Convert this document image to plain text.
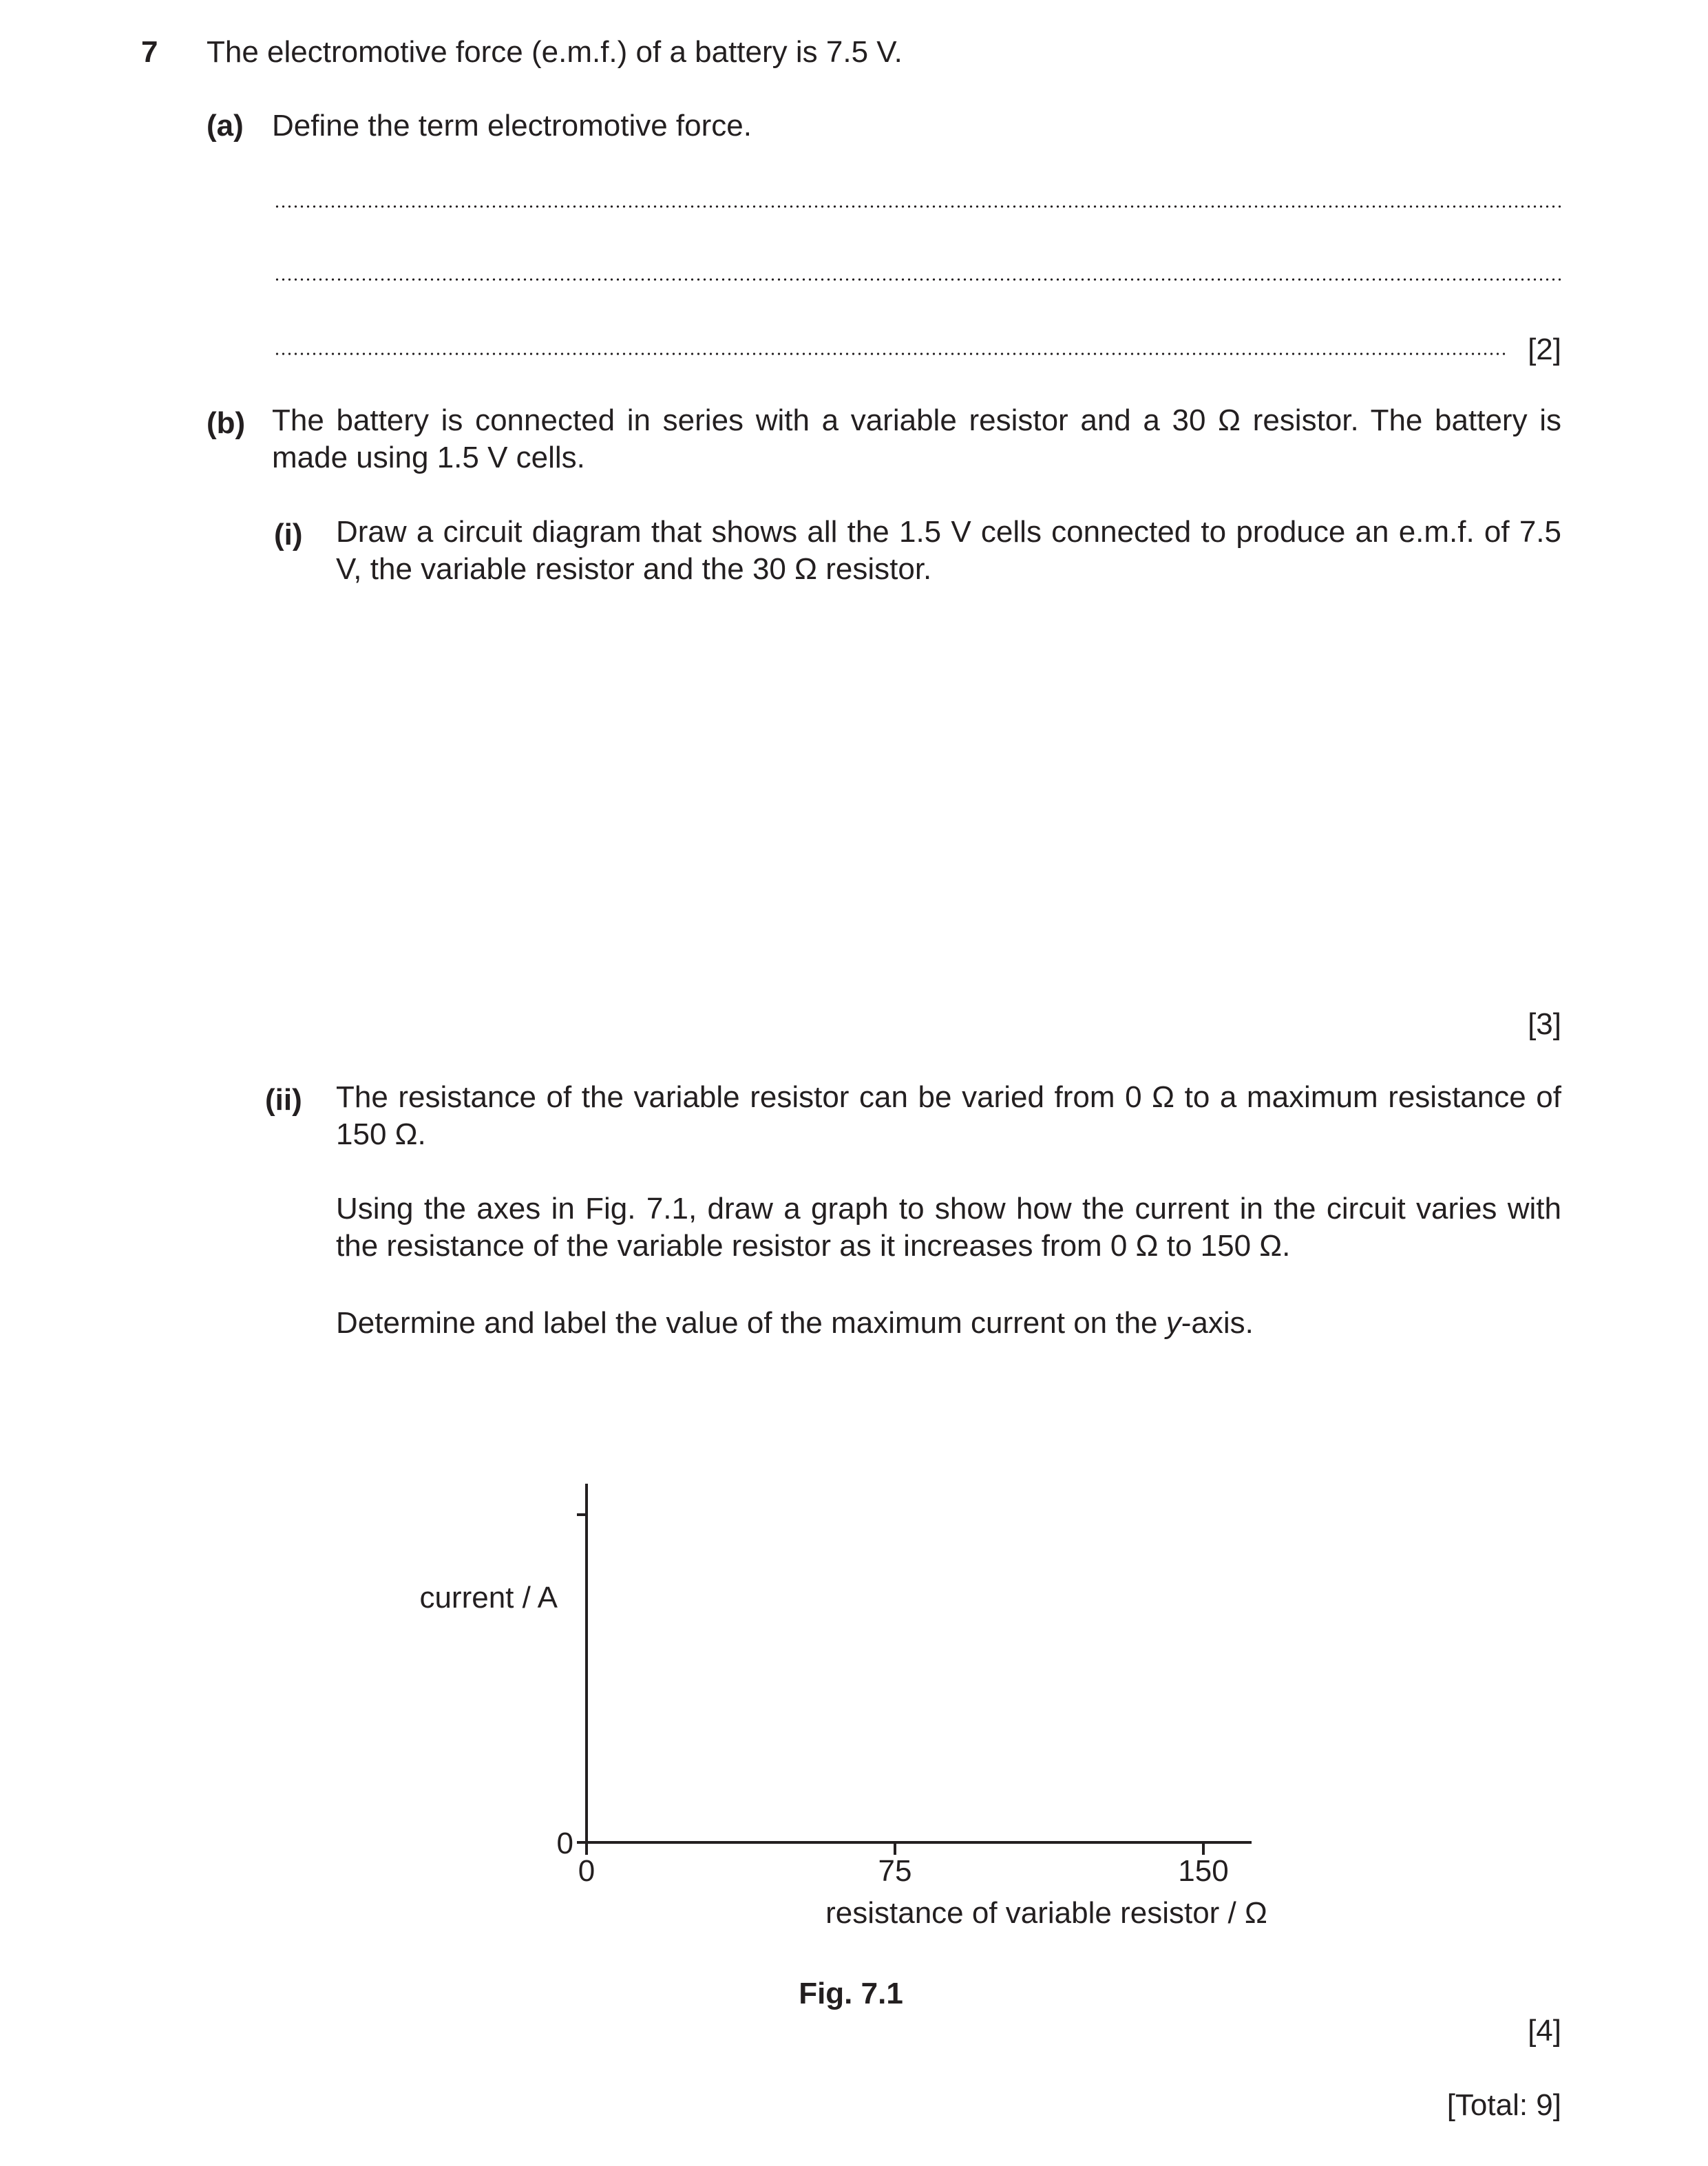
7 The electromotive force (e.m.f.) of a battery is 7.5 V.
(a) Define the term electromotive force.
[2]
(b) The battery is connected in series with a variable resistor and a 30 Ω resistor. The battery is made using 1.5 V cells.
(i) Draw a circuit diagram that shows all the 1.5 V cells connected to produce an e.m.f. of 7.5 V, the variable resistor and the 30 Ω resistor.
[3]
(ii) The resistance of the variable resistor can be varied from 0 Ω to a maximum resistance of 150 Ω.
Using the axes in Fig. 7.1, draw a graph to show how the current in the circuit varies with the resistance of the variable resistor as it increases from 0 Ω to 150 Ω.
Determine and label the value of the maximum current on the y-axis.
current / A
0
0	75	150
resistance of variable resistor / Ω
Fig. 7.1
[4]
[Total: 9]
